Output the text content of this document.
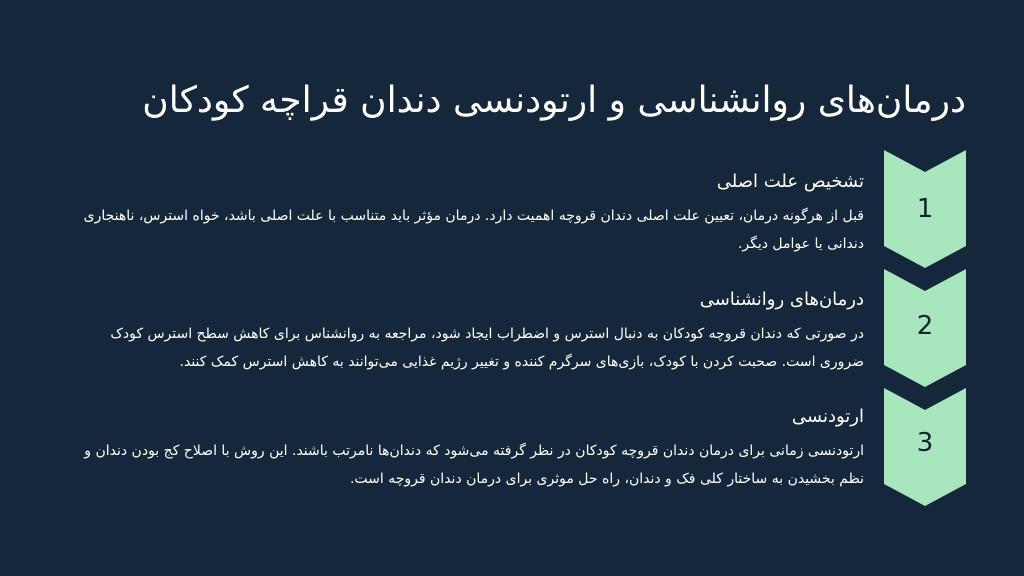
درمان‌های روانشناسی و ارتودنسی دندان قراچه کودکان

تشخیص علت اصلی

قبل از هرگونه درمان، تعیین علت اصلی دندان قروچه اهمیت دارد. درمان مؤثر باید متناسب با علت اصلی باشد، خواه استرس، ناهنجاری دندانی یا عوامل دیگر.

1

درمان‌های روانشناسی

در صورتی که دندان قروچه کودکان به دنبال استرس و اضطراب ایجاد شود، مراجعه به روانشناس برای کاهش سطح استرس کودک ضروری است. صحبت کردن با کودک، بازی‌های سرگرم کننده و تغییر رژیم غذایی می‌توانند به کاهش استرس کمک کنند.

2

ارتودنسی

ارتودنسی زمانی برای درمان دندان قروچه کودکان در نظر گرفته می‌شود که دندان‌ها نامرتب باشند. این روش با اصلاح کج بودن دندان و نظم بخشیدن به ساختار کلی فک و دندان، راه حل موثری برای درمان دندان قروچه است.

3
